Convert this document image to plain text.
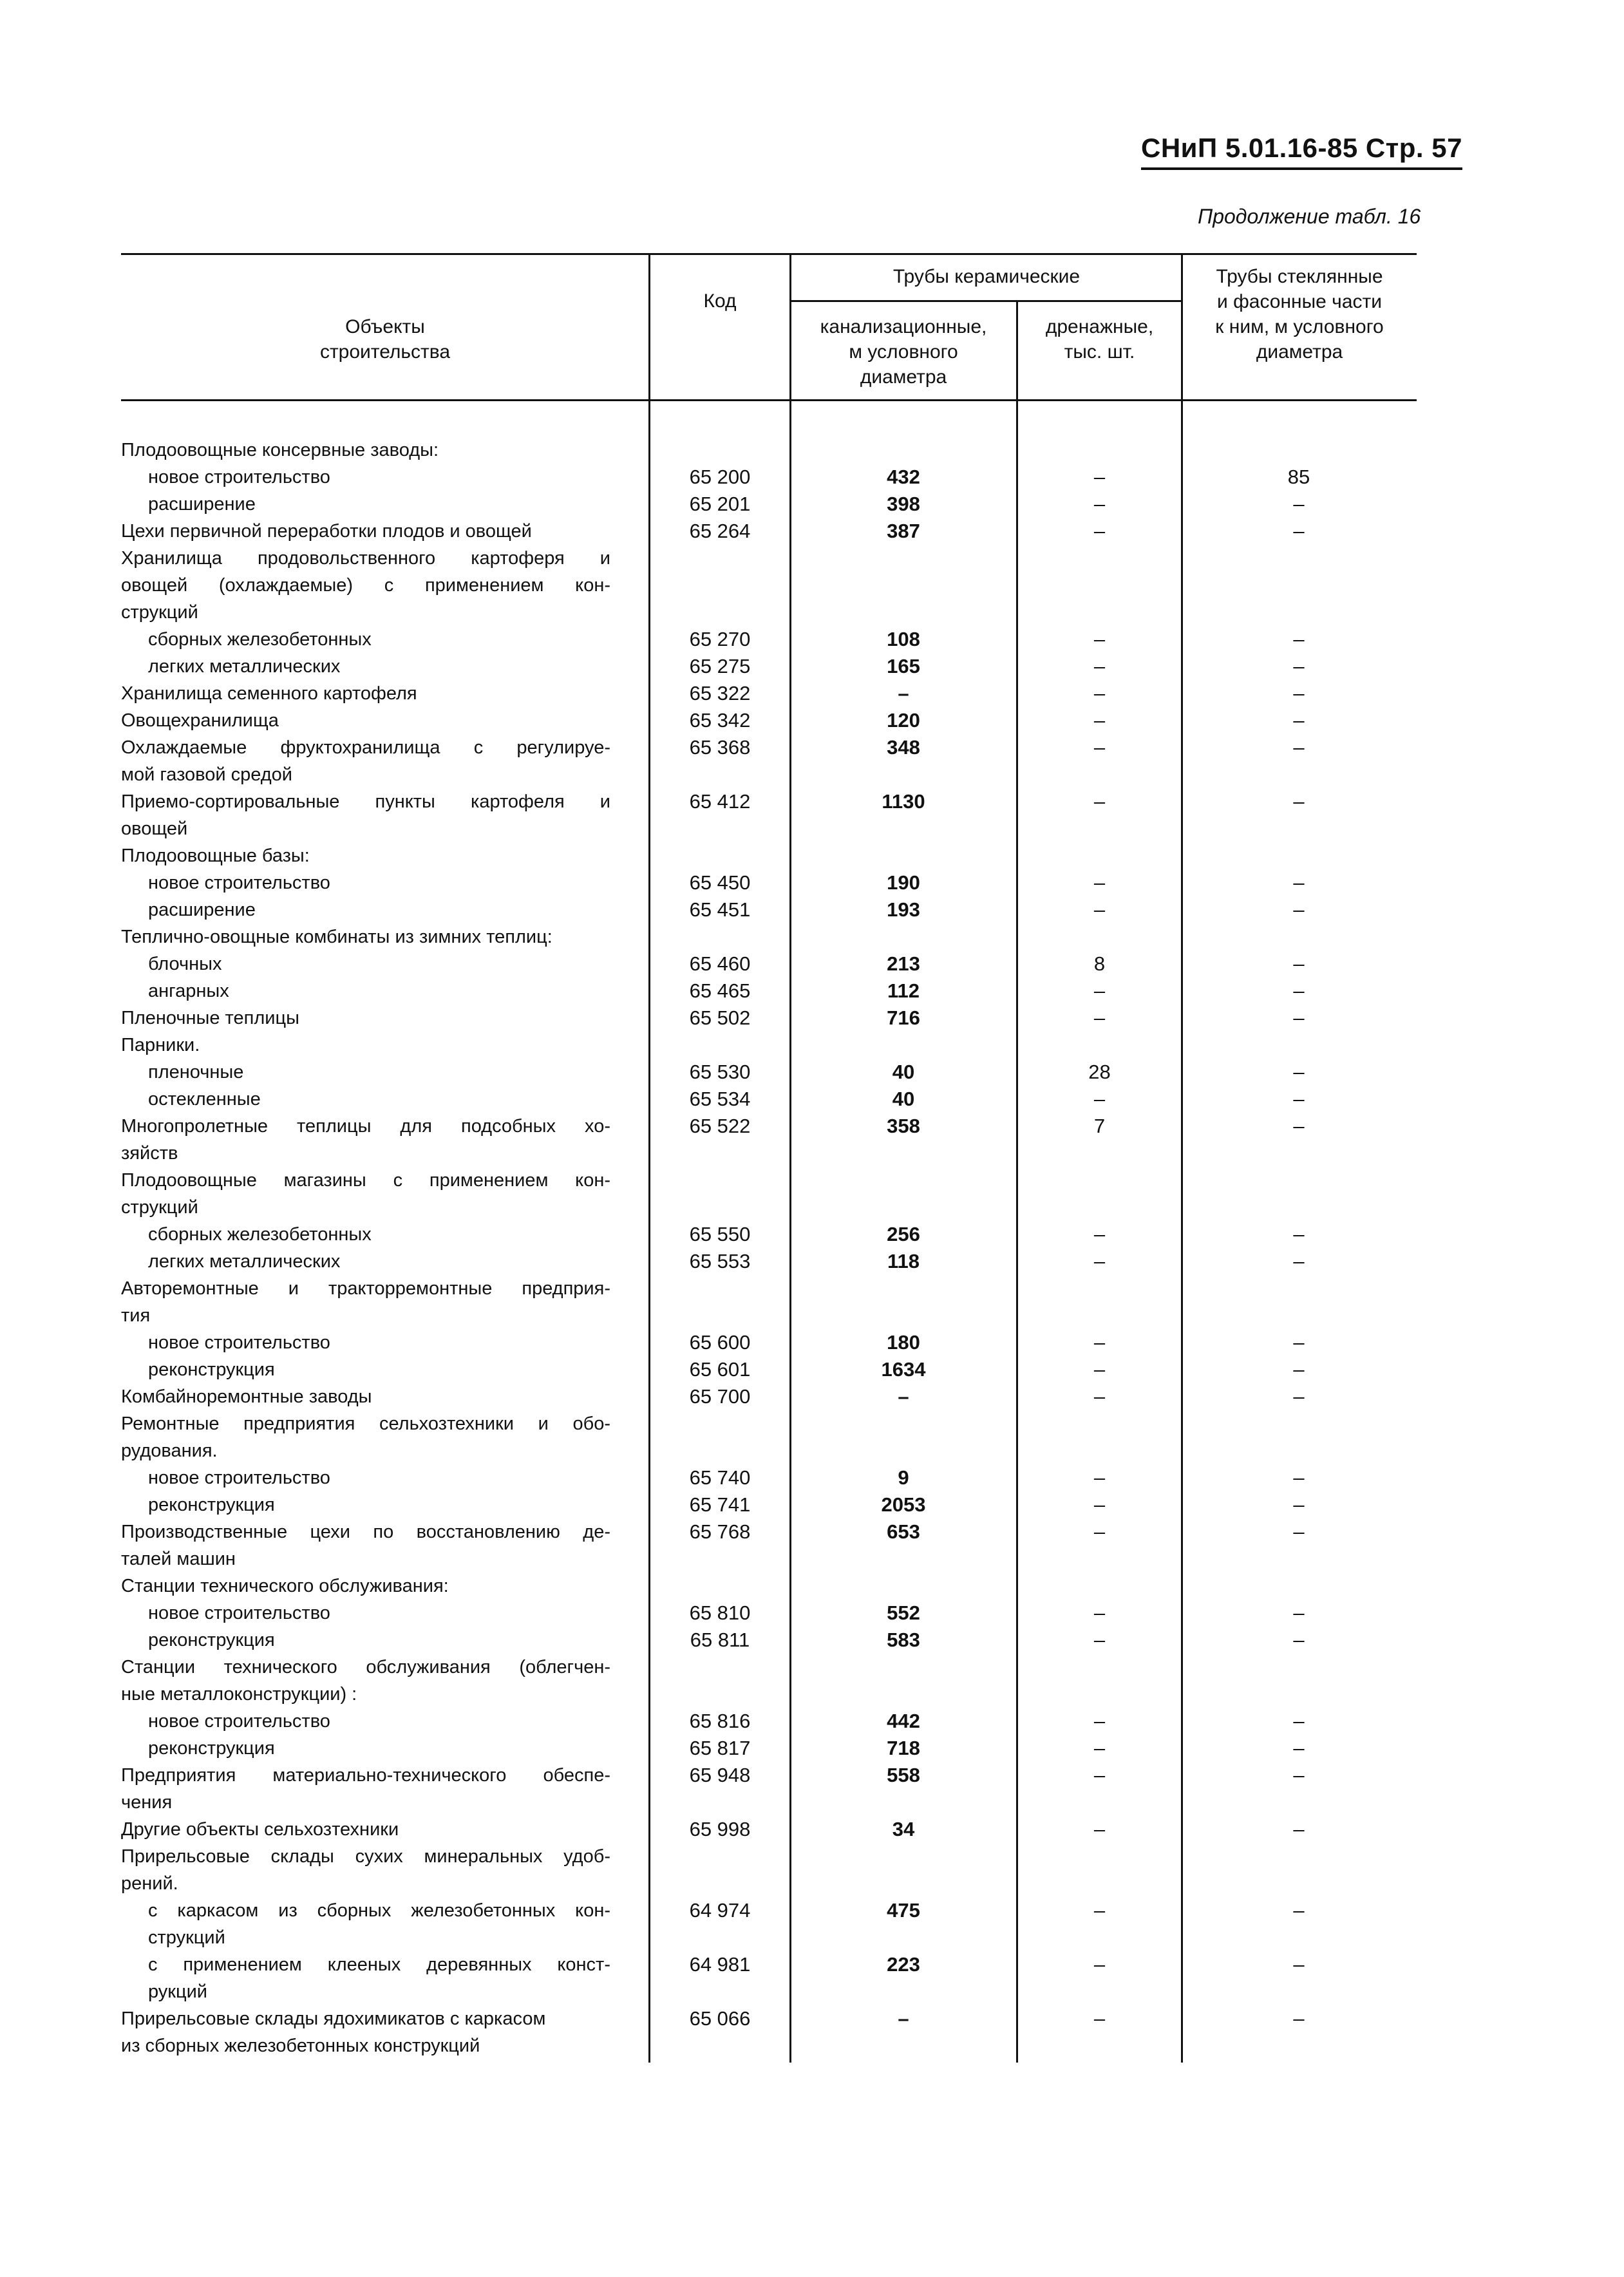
СНиП 5.01.16-85 Стр. 57
Продолжение табл. 16
Объекты
строительства
Код
Трубы керамические
канализационные,
м условного
диаметра
дренажные,
тыс. шт.
Трубы стеклянные
и фасонные части
к ним, м условного
диаметра
Плодоовощные консервные заводы:
новое строительство	65 200	432	–	85
расширение	65 201	398	–	–
Цехи первичной переработки плодов и овощей	65 264	387	–	–
Хранилища продовольственного картоферя и
овощей (охлаждаемые) с применением кон-
струкций
сборных железобетонных	65 270	108	–	–
легких металлических	65 275	165	–	–
Хранилища семенного картофеля	65 322	–	–	–
Овощехранилища	65 342	120	–	–
Охлаждаемые фруктохранилища с регулируе-	65 368	348	–	–
мой газовой средой
Приемо-сортировальные пункты картофеля и	65 412	1130	–	–
овощей
Плодоовощные базы:
новое строительство	65 450	190	–	–
расширение	65 451	193	–	–
Теплично-овощные комбинаты из зимних теплиц:
блочных	65 460	213	8	–
ангарных	65 465	112	–	–
Пленочные теплицы	65 502	716	–	–
Парники.
пленочные	65 530	40	28	–
остекленные	65 534	40	–	–
Многопролетные теплицы для подсобных хо-	65 522	358	7	–
зяйств
Плодоовощные магазины с применением кон-
струкций
сборных железобетонных	65 550	256	–	–
легких металлических	65 553	118	–	–
Авторемонтные и тракторремонтные предприя-
тия
новое строительство	65 600	180	–	–
реконструкция	65 601	1634	–	–
Комбайноремонтные заводы	65 700	–	–	–
Ремонтные предприятия сельхозтехники и обо-
рудования.
новое строительство	65 740	9	–	–
реконструкция	65 741	2053	–	–
Производственные цехи по восстановлению де-	65 768	653	–	–
талей машин
Станции технического обслуживания:
новое строительство	65 810	552	–	–
реконструкция	65 811	583	–	–
Станции технического обслуживания (облегчен-
ные металлоконструкции) :
новое строительство	65 816	442	–	–
реконструкция	65 817	718	–	–
Предприятия материально-технического обеспе-	65 948	558	–	–
чения
Другие объекты сельхозтехники	65 998	34	–	–
Прирельсовые склады сухих минеральных удоб-
рений.
с каркасом из сборных железобетонных кон-	64 974	475	–	–
струкций
с применением клееных деревянных конст-	64 981	223	–	–
рукций
Прирельсовые склады ядохимикатов с каркасом	65 066	–	–	–
из сборных железобетонных конструкций
